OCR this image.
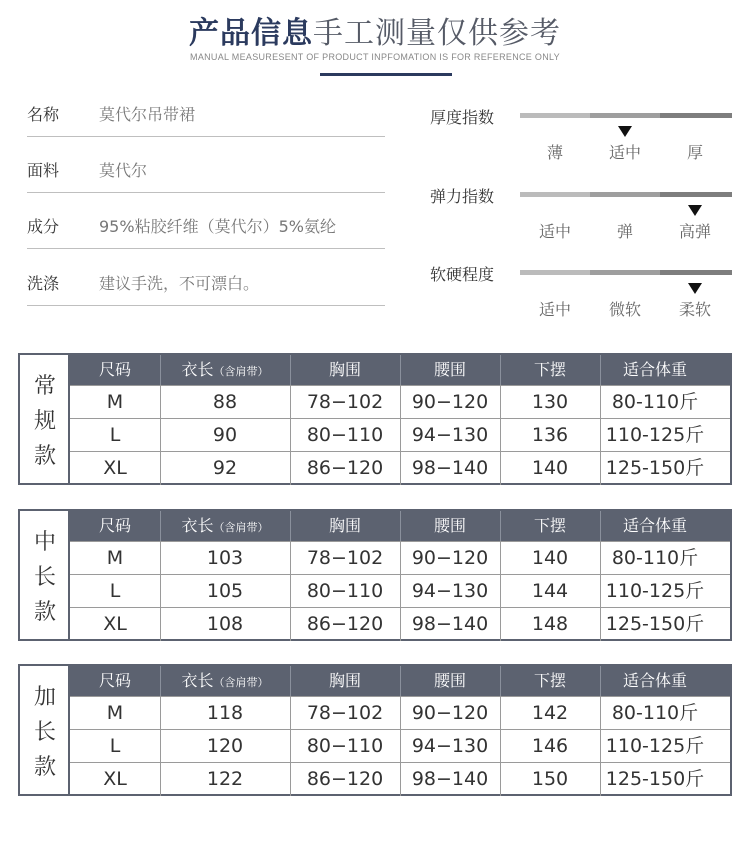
产品信息手工测量仅供参考
MANUAL MEASURESENT OF PRODUCT INPFOMATION IS FOR REFERENCE ONLY
名称 莫代尔吊带裙
面料 莫代尔
成分 95%粘胶纤维（莫代尔）5%氨纶
洗涤 建议手洗，不可漂白。
厚度指数
薄	适中	厚
弹力指数
适中	弹	高弹
软硬程度
适中	微软	柔软
常
规
款
尺码	衣长（含肩带）	胸围	腰围	下摆	适合体重
M	88	78−102	90−120	130	80-110斤
L	90	80−110	94−130	136	110-125斤
XL	92	86−120	98−140	140	125-150斤
中
长
款
尺码	衣长（含肩带）	胸围	腰围	下摆	适合体重
M	103	78−102	90−120	140	80-110斤
L	105	80−110	94−130	144	110-125斤
XL	108	86−120	98−140	148	125-150斤
加
长
款
尺码	衣长（含肩带）	胸围	腰围	下摆	适合体重
M	118	78−102	90−120	142	80-110斤
L	120	80−110	94−130	146	110-125斤
XL	122	86−120	98−140	150	125-150斤
